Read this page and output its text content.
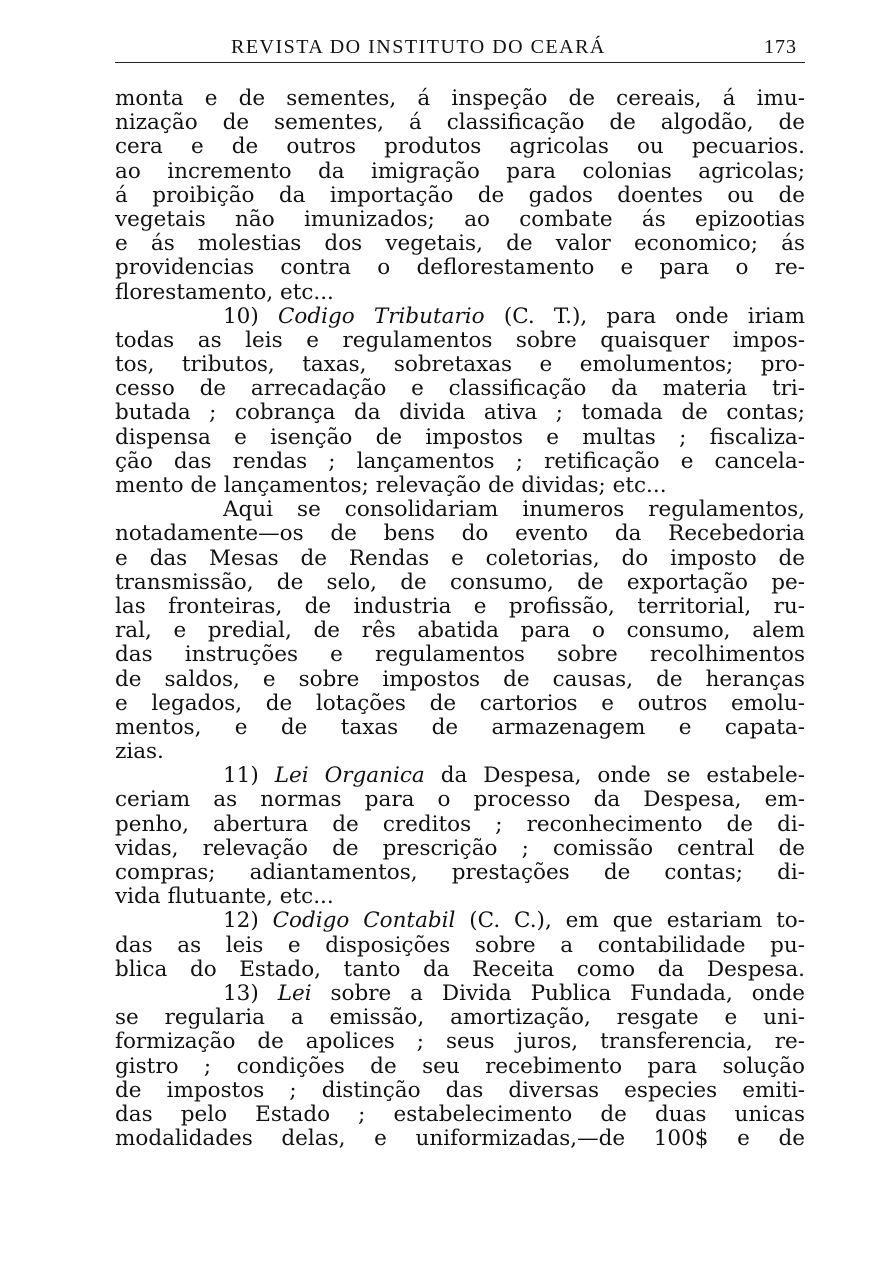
REVISTA DO INSTITUTO DO CEARÁ	173
monta e de sementes, á inspeção de cereais, á imu-
nização de sementes, á classificação de algodão, de
cera e de outros produtos agricolas ou pecuarios.
ao incremento da imigração para colonias agricolas;
á proibição da importação de gados doentes ou de
vegetais não imunizados; ao combate ás epizootias
e ás molestias dos vegetais, de valor economico; ás
providencias contra o deflorestamento e para o re-
florestamento, etc...
10) Codigo Tributario (C. T.), para onde iriam
todas as leis e regulamentos sobre quaisquer impos-
tos, tributos, taxas, sobretaxas e emolumentos; pro-
cesso de arrecadação e classificação da materia tri-
butada ; cobrança da divida ativa ; tomada de contas;
dispensa e isenção de impostos e multas ; fiscaliza-
ção das rendas ; lançamentos ; retificação e cancela-
mento de lançamentos; relevação de dividas; etc...
Aqui se consolidariam inumeros regulamentos,
notadamente—os de bens do evento da Recebedoria
e das Mesas de Rendas e coletorias, do imposto de
transmissão, de selo, de consumo, de exportação pe-
las fronteiras, de industria e profissão, territorial, ru-
ral, e predial, de rês abatida para o consumo, alem
das instruções e regulamentos sobre recolhimentos
de saldos, e sobre impostos de causas, de heranças
e legados, de lotações de cartorios e outros emolu-
mentos, e de taxas de armazenagem e capata-
zias.
11) Lei Organica da Despesa, onde se estabele-
ceriam as normas para o processo da Despesa, em-
penho, abertura de creditos ; reconhecimento de di-
vidas, relevação de prescrição ; comissão central de
compras; adiantamentos, prestações de contas; di-
vida flutuante, etc...
12) Codigo Contabil (C. C.), em que estariam to-
das as leis e disposições sobre a contabilidade pu-
blica do Estado, tanto da Receita como da Despesa.
13) Lei sobre a Divida Publica Fundada, onde
se regularia a emissão, amortização, resgate e uni-
formização de apolices ; seus juros, transferencia, re-
gistro ; condições de seu recebimento para solução
de impostos ; distinção das diversas especies emiti-
das pelo Estado ; estabelecimento de duas unicas
modalidades delas, e uniformizadas,—de 100$ e de
